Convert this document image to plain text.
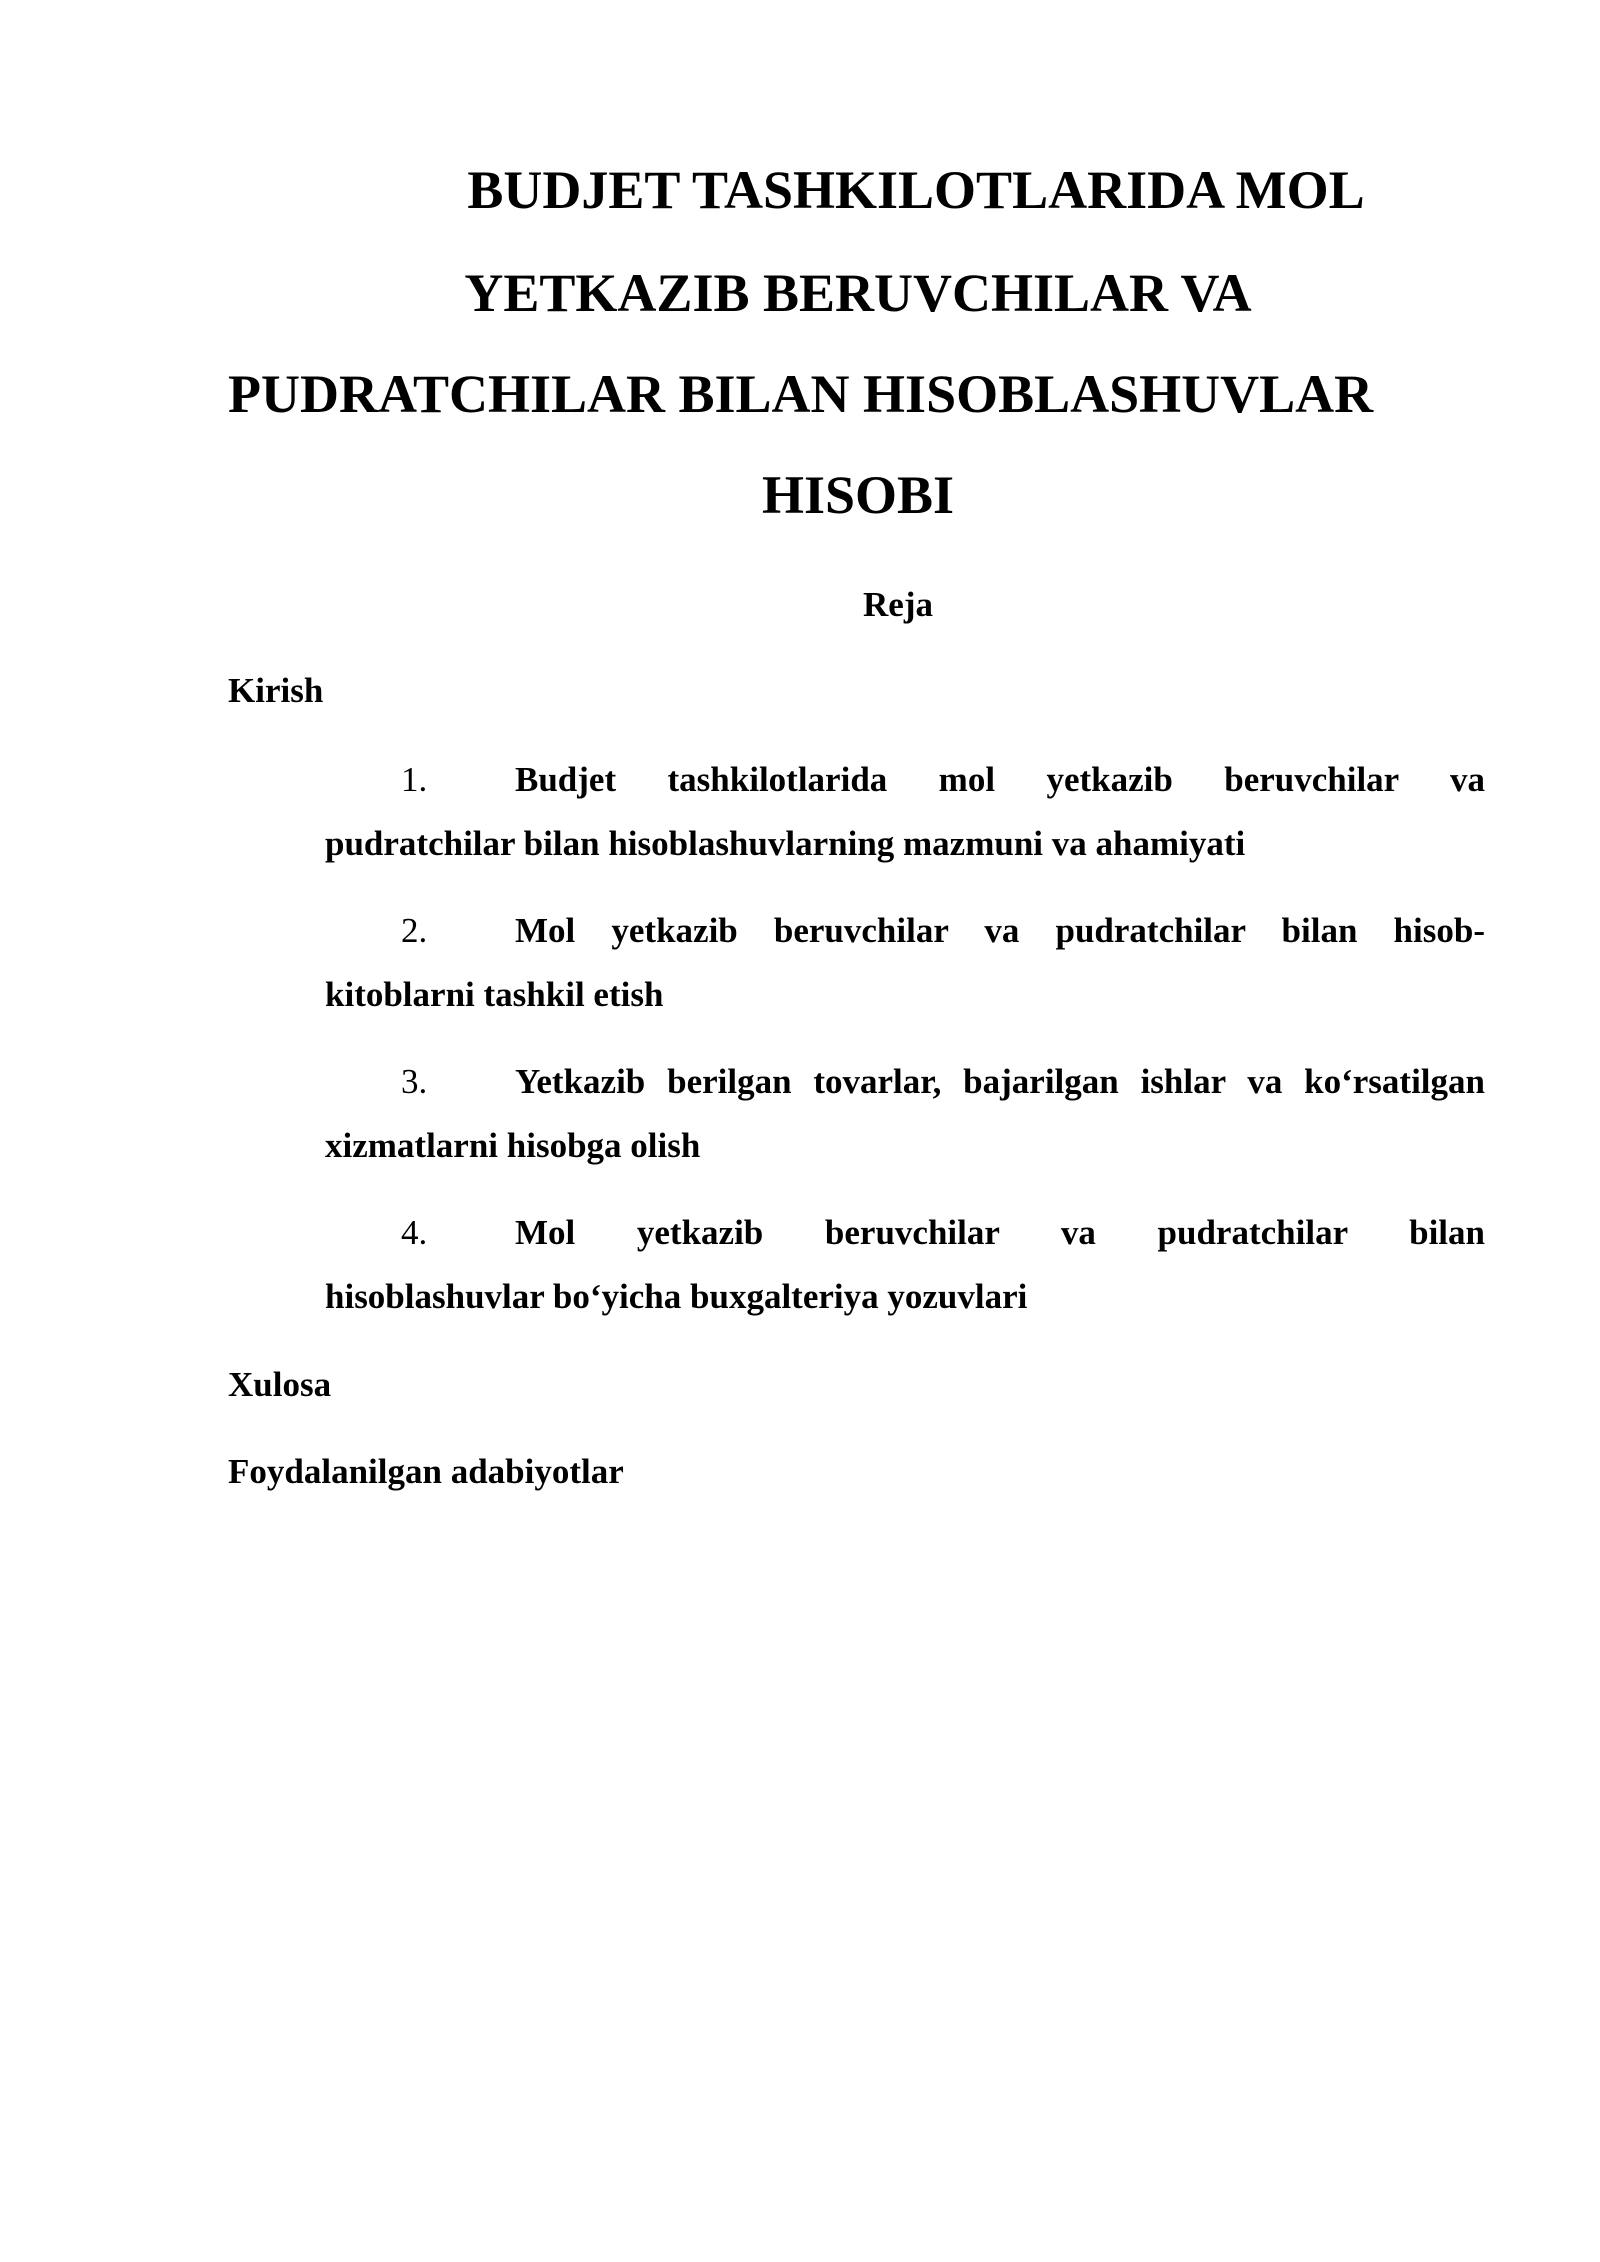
BUDJET TASHKILOTLARIDA MOL
YETKAZIB BERUVCHILAR VA
PUDRATCHILAR BILAN HISOBLASHUVLAR
HISOBI

Reja

Kirish

1.	Budjet tashkilotlarida mol yetkazib beruvchilar va
pudratchilar bilan hisoblashuvlarning mazmuni va ahamiyati
2.	Mol yetkazib beruvchilar va pudratchilar bilan hisob-
kitoblarni tashkil etish
3.	Yetkazib berilgan tovarlar, bajarilgan ishlar va ko‘rsatilgan
xizmatlarni hisobga olish
4.	Mol yetkazib beruvchilar va pudratchilar bilan
hisoblashuvlar bo‘yicha buxgalteriya yozuvlari

Xulosa

Foydalanilgan adabiyotlar
